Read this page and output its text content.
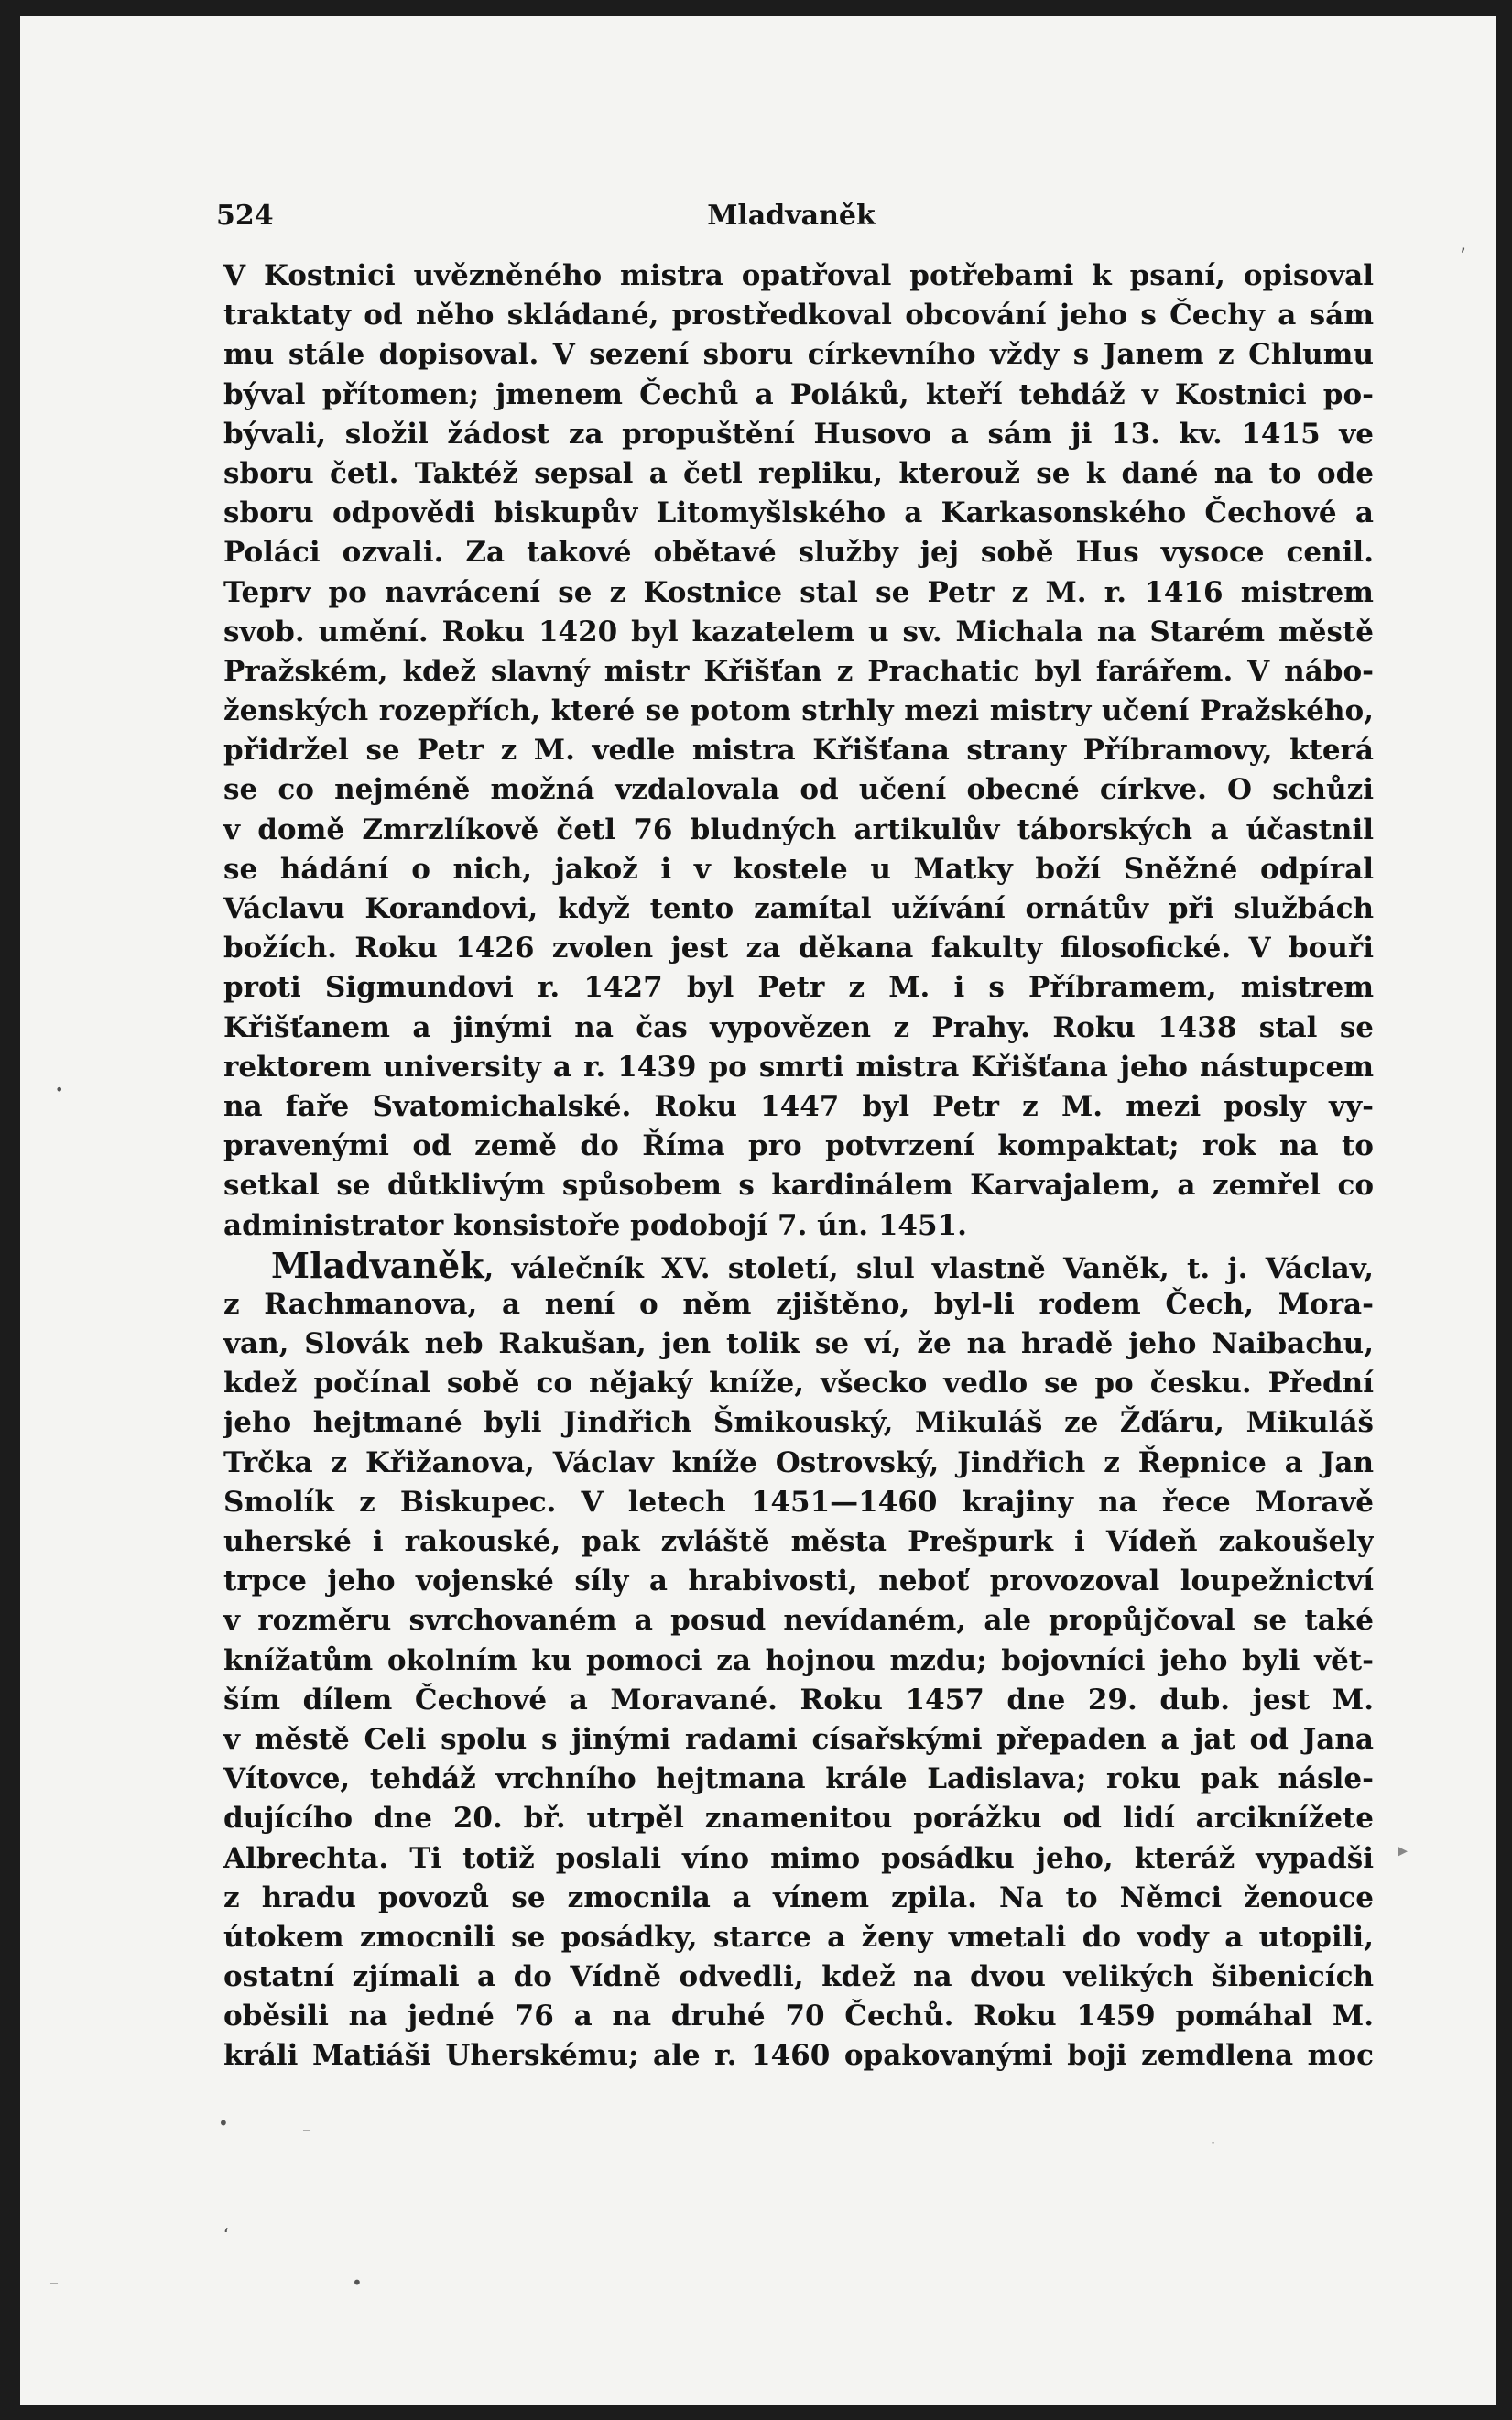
524	Mladvaněk
V Kostnici uvězněného mistra opatřoval potřebami k psaní, opisoval
traktaty od něho skládané, prostředkoval obcování jeho s Čechy a sám
mu stále dopisoval. V sezení sboru církevního vždy s Janem z Chlumu
býval přítomen; jmenem Čechů a Poláků, kteří tehdáž v Kostnici po-
bývali, složil žádost za propuštění Husovo a sám ji 13. kv. 1415 ve
sboru četl. Taktéž sepsal a četl repliku, kterouž se k dané na to ode
sboru odpovědi biskupův Litomyšlského a Karkasonského Čechové a
Poláci ozvali. Za takové obětavé služby jej sobě Hus vysoce cenil.
Teprv po navrácení se z Kostnice stal se Petr z M. r. 1416 mistrem
svob. umění. Roku 1420 byl kazatelem u sv. Michala na Starém městě
Pražském, kdež slavný mistr Křišťan z Prachatic byl farářem. V nábo-
ženských rozepřích, které se potom strhly mezi mistry učení Pražského,
přidržel se Petr z M. vedle mistra Křišťana strany Příbramovy, která
se co nejméně možná vzdalovala od učení obecné církve. O schůzi
v domě Zmrzlíkově četl 76 bludných artikulův táborských a účastnil
se hádání o nich, jakož i v kostele u Matky boží Sněžné odpíral
Václavu Korandovi, když tento zamítal užívání ornátův při službách
božích. Roku 1426 zvolen jest za děkana fakulty filosofické. V bouři
proti Sigmundovi r. 1427 byl Petr z M. i s Příbramem, mistrem
Křišťanem a jinými na čas vypovězen z Prahy. Roku 1438 stal se
rektorem university a r. 1439 po smrti mistra Křišťana jeho nástupcem
na faře Svatomichalské. Roku 1447 byl Petr z M. mezi posly vy-
pravenými od země do Říma pro potvrzení kompaktat; rok na to
setkal se důtklivým spůsobem s kardinálem Karvajalem, a zemřel co
administrator konsistoře podobojí 7. ún. 1451.
Mladvaněk, válečník XV. století, slul vlastně Vaněk, t. j. Václav,
z Rachmanova, a není o něm zjištěno, byl-li rodem Čech, Mora-
van, Slovák neb Rakušan, jen tolik se ví, že na hradě jeho Naibachu,
kdež počínal sobě co nějaký kníže, všecko vedlo se po česku. Přední
jeho hejtmané byli Jindřich Šmikouský, Mikuláš ze Žďáru, Mikuláš
Trčka z Křižanova, Václav kníže Ostrovský, Jindřich z Řepnice a Jan
Smolík z Biskupec. V letech 1451—1460 krajiny na řece Moravě
uherské i rakouské, pak zvláště města Prešpurk i Vídeň zakoušely
trpce jeho vojenské síly a hrabivosti, neboť provozoval loupežnictví
v rozměru svrchovaném a posud nevídaném, ale propůjčoval se také
knížatům okolním ku pomoci za hojnou mzdu; bojovníci jeho byli vět-
ším dílem Čechové a Moravané. Roku 1457 dne 29. dub. jest M.
v městě Celi spolu s jinými radami císařskými přepaden a jat od Jana
Vítovce, tehdáž vrchního hejtmana krále Ladislava; roku pak násle-
dujícího dne 20. bř. utrpěl znamenitou porážku od lidí arciknížete
Albrechta. Ti totiž poslali víno mimo posádku jeho, kteráž vypadši
z hradu povozů se zmocnila a vínem zpila. Na to Němci ženouce
útokem zmocnili se posádky, starce a ženy vmetali do vody a utopili,
ostatní zjímali a do Vídně odvedli, kdež na dvou velikých šibenicích
oběsili na jedné 76 a na druhé 70 Čechů. Roku 1459 pomáhal M.
králi Matiáši Uherskému; ale r. 1460 opakovanými boji zemdlena moc
’
•
▸
•	–
ʻ
–	•
·
